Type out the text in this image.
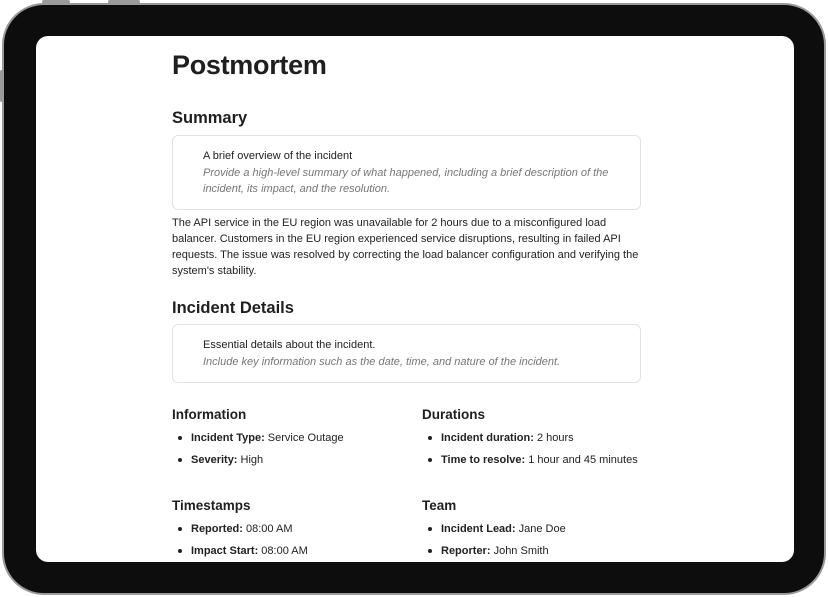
Postmortem
Summary
A brief overview of the incident
Provide a high-level summary of what happened, including a brief description of the incident, its impact, and the resolution.
The API service in the EU region was unavailable for 2 hours due to a misconfigured load balancer. Customers in the EU region experienced service disruptions, resulting in failed API requests. The issue was resolved by correcting the load balancer configuration and verifying the system's stability.
Incident Details
Essential details about the incident.
Include key information such as the date, time, and nature of the incident.
Information
Incident Type: Service Outage
Severity: High
Durations
Incident duration: 2 hours
Time to resolve: 1 hour and 45 minutes
Timestamps
Reported: 08:00 AM
Impact Start: 08:00 AM
Team
Incident Lead: Jane Doe
Reporter: John Smith
